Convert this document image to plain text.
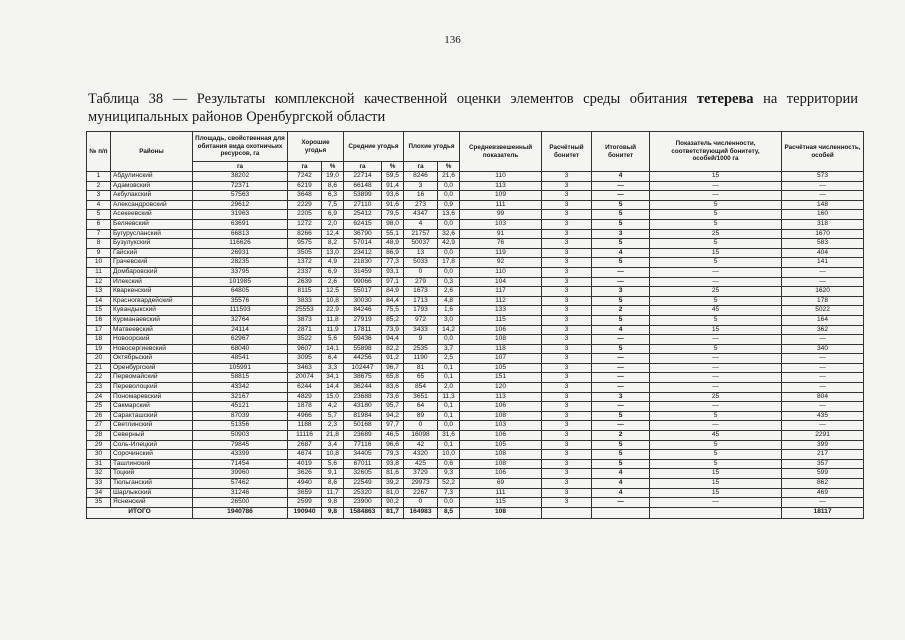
136
Таблица 38 — Результаты комплексной качественной оценки элементов среды обитания тетерева на территории муниципальных районов Оренбургской области
№ п/п	Районы	Площадь, свойственная для обитания вида охотничьих ресурсов, га	Хорошие угодья		Средние угодья		Плохие угодья		Средневзвешенный показатель	Расчётный бонитет	Итоговый бонитет	Показатель численности, соответствующий бонитету, особей/1000 га	Расчётная численность, особей
		га	га	%	га	%	га	%					
1	Абдулинский	38202	7242	19,0	22714	59,5	8246	21,6	110	3	4	15	573
2	Адамовский	72371	6219	8,6	66148	91,4	3	0,0	113	3	—	—	—
3	Акбулакский	57563	3648	6,3	53899	93,6	16	0,0	109	3	—	—	—
4	Александровский	29612	2229	7,5	27110	91,6	273	0,9	111	3	5	5	148
5	Асекеевский	31963	2205	6,9	25412	79,5	4347	13,6	99	3	5	5	160
6	Беляевский	63691	1272	2,0	62415	98,0	4	0,0	103	3	5	5	318
7	Бугурусланский	66813	8266	12,4	36790	55,1	21757	32,6	91	3	3	25	1670
8	Бузулукский	116626	9575	8,2	57014	48,9	50037	42,9	76	3	5	5	583
9	Гайский	26931	3505	13,0	23412	86,9	13	0,0	119	3	4	15	404
10	Грачевский	28235	1372	4,9	21830	77,3	5033	17,8	92	3	5	5	141
11	Домбаровский	33795	2337	6,9	31459	93,1	0	0,0	110	3	—	—	—
12	Илекский	101985	2639	2,6	99066	97,1	279	0,3	104	3	—	—	—
13	Кваркенский	64805	8115	12,5	55017	84,9	1673	2,6	117	3	3	25	1620
14	Красногвардейский	35576	3833	10,8	30030	84,4	1713	4,8	112	3	5	5	178
15	Кувандыкский	111593	25553	22,9	84246	75,5	1793	1,6	133	3	2	45	5022
16	Курманаевский	32764	3873	11,8	27919	85,2	972	3,0	115	3	5	5	164
17	Матвеевский	24114	2871	11,9	17811	73,9	3433	14,2	106	3	4	15	362
18	Новоорский	62967	3522	5,6	59436	94,4	9	0,0	108	3	—	—	—
19	Новосергиевский	68040	9607	14,1	55898	82,2	2535	3,7	118	3	5	5	340
20	Октябрьский	48541	3095	6,4	44256	91,2	1190	2,5	107	3	—	—	—
21	Оренбургский	105991	3463	3,3	102447	96,7	81	0,1	105	3	—	—	—
22	Первомайский	58815	20074	34,1	38675	65,8	65	0,1	151	3	—	—	—
23	Переволоцкий	43342	6244	14,4	36244	83,6	854	2,0	120	3	—	—	—
24	Пономаревский	32167	4829	15,0	23688	73,6	3651	11,3	113	3	3	25	804
25	Сакмарский	45121	1878	4,2	43180	95,7	64	0,1	106	3	—	—	—
26	Саракташский	87039	4966	5,7	81984	94,2	89	0,1	108	3	5	5	435
27	Светлинский	51356	1188	2,3	50168	97,7	0	0,0	103	3	—	—	—
28	Северный	50903	11116	21,8	23689	46,5	16098	31,6	106	3	2	45	2291
29	Соль-Илецкий	79845	2687	3,4	77116	96,6	42	0,1	105	3	5	5	399
30	Сорочинский	43399	4674	10,8	34405	79,3	4320	10,0	108	3	5	5	217
31	Ташлинский	71454	4019	5,6	67011	93,8	425	0,6	108	3	5	5	357
32	Тоцкий	39960	3626	9,1	32605	81,6	3729	9,3	106	3	4	15	599
33	Тюльганский	57462	4940	8,6	22549	39,2	29973	52,2	69	3	4	15	862
34	Шарлыкский	31246	3659	11,7	25320	81,0	2267	7,3	111	3	4	15	469
35	Ясненский	26500	2599	9,8	23900	90,2	0	0,0	115	3	—	—	—
ИТОГО		1940786	190940	9,8	1584863	81,7	164983	8,5	108				18117
